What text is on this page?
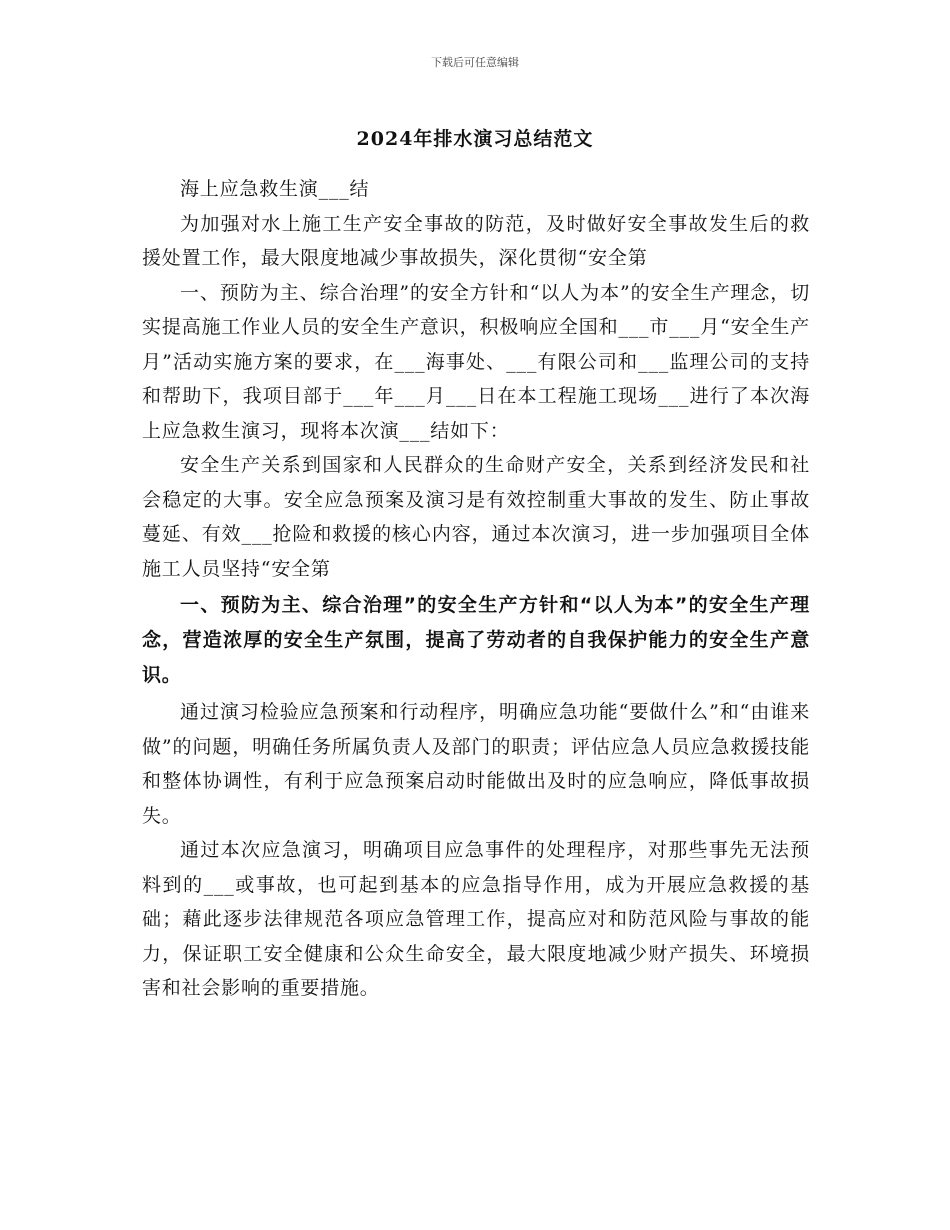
下载后可任意编辑
2024年排水演习总结范文

海上应急救生演___结

为加强对水上施工生产安全事故的防范，及时做好安全事故发生后的救援处置工作，最大限度地减少事故损失，深化贯彻“安全第

一、预防为主、综合治理”的安全方针和“以人为本”的安全生产理念，切实提高施工作业人员的安全生产意识，积极响应全国和___市___月“安全生产月”活动实施方案的要求，在___海事处、___有限公司和___监理公司的支持和帮助下，我项目部于___年___月___日在本工程施工现场___进行了本次海上应急救生演习，现将本次演___结如下：

安全生产关系到国家和人民群众的生命财产安全，关系到经济发民和社会稳定的大事。安全应急预案及演习是有效控制重大事故的发生、防止事故蔓延、有效___抢险和救援的核心内容，通过本次演习，进一步加强项目全体施工人员坚持“安全第

一、预防为主、综合治理”的安全生产方针和“以人为本”的安全生产理念，营造浓厚的安全生产氛围，提高了劳动者的自我保护能力的安全生产意识。

通过演习检验应急预案和行动程序，明确应急功能“要做什么”和“由谁来做”的问题，明确任务所属负责人及部门的职责；评估应急人员应急救援技能和整体协调性，有利于应急预案启动时能做出及时的应急响应，降低事故损失。

通过本次应急演习，明确项目应急事件的处理程序，对那些事先无法预料到的___或事故，也可起到基本的应急指导作用，成为开展应急救援的基础；藉此逐步法律规范各项应急管理工作，提高应对和防范风险与事故的能力，保证职工安全健康和公众生命安全，最大限度地减少财产损失、环境损害和社会影响的重要措施。
